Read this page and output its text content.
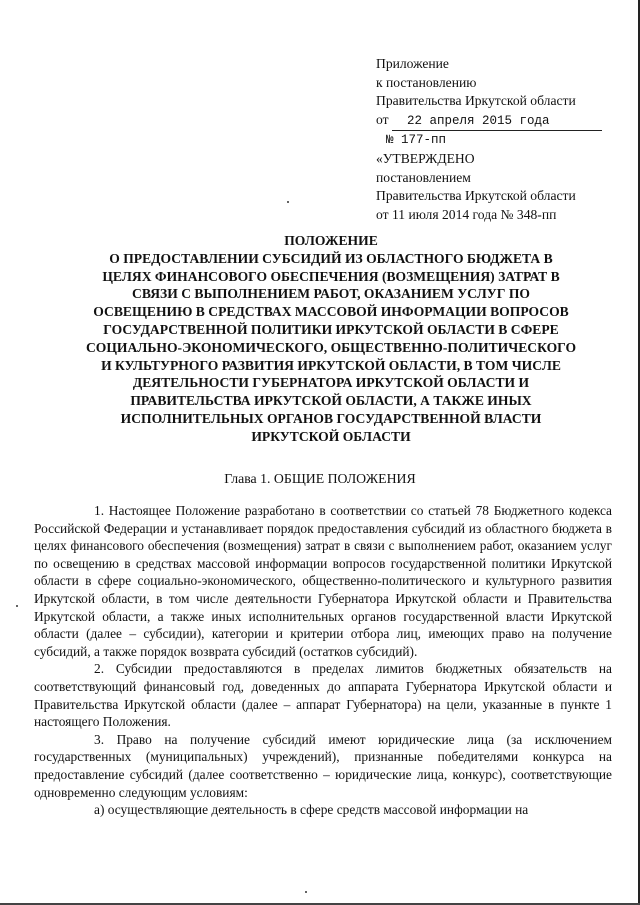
Приложение
к постановлению
Правительства Иркутской области
от 22 апреля 2015 года
№ 177-пп
«УТВЕРЖДЕНО
постановлением
Правительства Иркутской области
от 11 июля 2014 года № 348-пп
ПОЛОЖЕНИЕ
О ПРЕДОСТАВЛЕНИИ СУБСИДИЙ ИЗ ОБЛАСТНОГО БЮДЖЕТА В
ЦЕЛЯХ ФИНАНСОВОГО ОБЕСПЕЧЕНИЯ (ВОЗМЕЩЕНИЯ) ЗАТРАТ В
СВЯЗИ С ВЫПОЛНЕНИЕМ РАБОТ, ОКАЗАНИЕМ УСЛУГ ПО
ОСВЕЩЕНИЮ В СРЕДСТВАХ МАССОВОЙ ИНФОРМАЦИИ ВОПРОСОВ
ГОСУДАРСТВЕННОЙ ПОЛИТИКИ ИРКУТСКОЙ ОБЛАСТИ В СФЕРЕ
СОЦИАЛЬНО-ЭКОНОМИЧЕСКОГО, ОБЩЕСТВЕННО-ПОЛИТИЧЕСКОГО
И КУЛЬТУРНОГО РАЗВИТИЯ ИРКУТСКОЙ ОБЛАСТИ, В ТОМ ЧИСЛЕ
ДЕЯТЕЛЬНОСТИ ГУБЕРНАТОРА ИРКУТСКОЙ ОБЛАСТИ И
ПРАВИТЕЛЬСТВА ИРКУТСКОЙ ОБЛАСТИ, А ТАКЖЕ ИНЫХ
ИСПОЛНИТЕЛЬНЫХ ОРГАНОВ ГОСУДАРСТВЕННОЙ ВЛАСТИ
ИРКУТСКОЙ ОБЛАСТИ
Глава 1. ОБЩИЕ ПОЛОЖЕНИЯ

1. Настоящее Положение разработано в соответствии со статьей 78 Бюджетного кодекса Российской Федерации и устанавливает порядок предоставления субсидий из областного бюджета в целях финансового обеспечения (возмещения) затрат в связи с выполнением работ, оказанием услуг по освещению в средствах массовой информации вопросов государственной политики Иркутской области в сфере социально-экономического, общественно-политического и культурного развития Иркутской области, в том числе деятельности Губернатора Иркутской области и Правительства Иркутской области, а также иных исполнительных органов государственной власти Иркутской области (далее – субсидии), категории и критерии отбора лиц, имеющих право на получение субсидий, а также порядок возврата субсидий (остатков субсидий).

2. Субсидии предоставляются в пределах лимитов бюджетных обязательств на соответствующий финансовый год, доведенных до аппарата Губернатора Иркутской области и Правительства Иркутской области (далее – аппарат Губернатора) на цели, указанные в пункте 1 настоящего Положения.

3. Право на получение субсидий имеют юридические лица (за исключением государственных (муниципальных) учреждений), признанные победителями конкурса на предоставление субсидий (далее соответственно – юридические лица, конкурс), соответствующие одновременно следующим условиям:

а) осуществляющие деятельность в сфере средств массовой информации на
